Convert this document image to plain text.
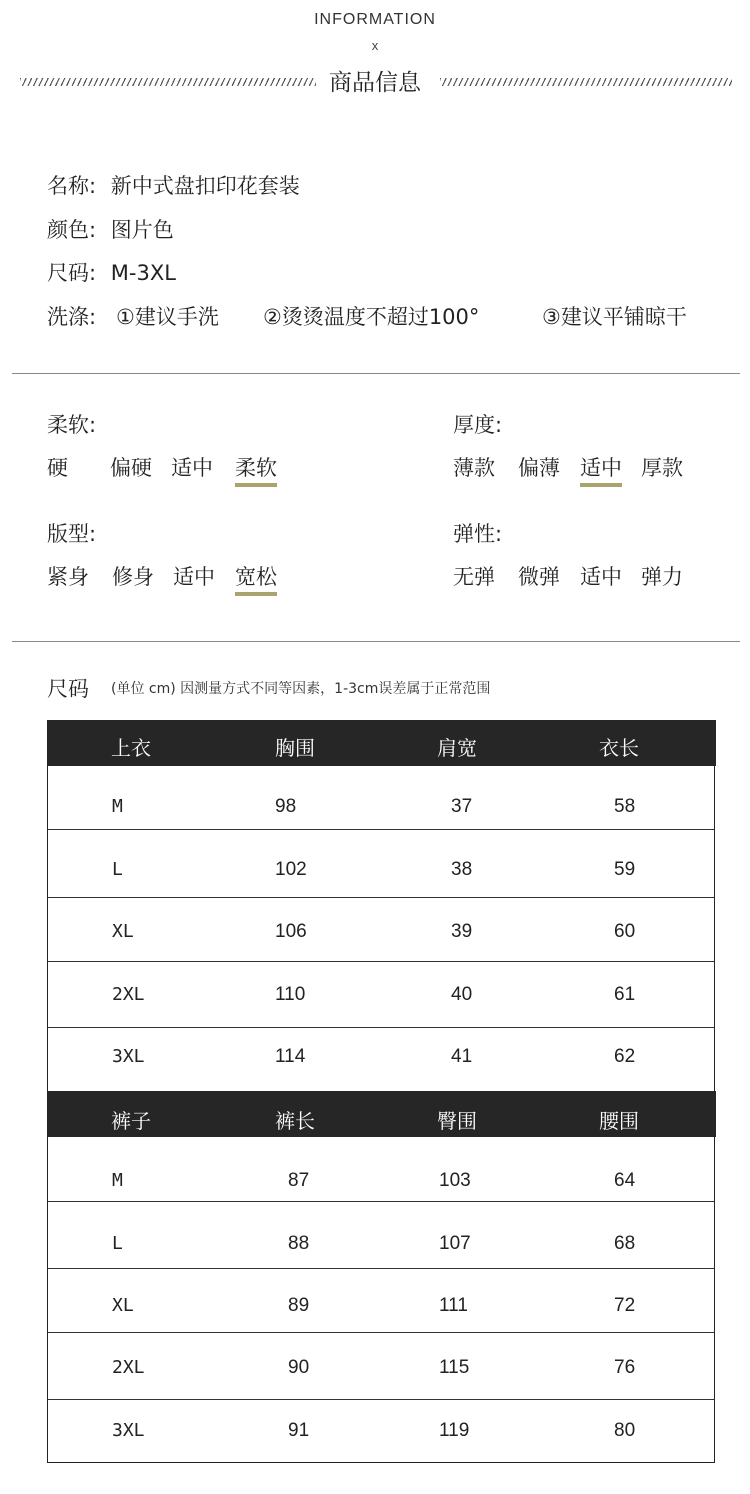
INFORMATION
x
商品信息
名称: 新中式盘扣印花套装
颜色: 图片色
尺码: M-3XL
洗涤: ①建议手洗 ②烫烫温度不超过100°	③建议平铺晾干
柔软:
硬 偏硬 适中 柔软
厚度:
薄款 偏薄 适中 厚款
版型:
紧身 修身 适中 宽松
弹性:
无弹 微弹 适中 弹力
尺码 (单位 cm) 因测量方式不同等因素，1-3cm误差属于正常范围
上衣	胸围	肩宽	衣长
M	98	37	58
L	102	38	59
XL	106	39	60
2XL	110	40	61
3XL	114	41	62
裤子	裤长	臀围	腰围
M	87	103	64
L	88	107	68
XL	89	111	72
2XL	90	115	76
3XL	91	119	80
